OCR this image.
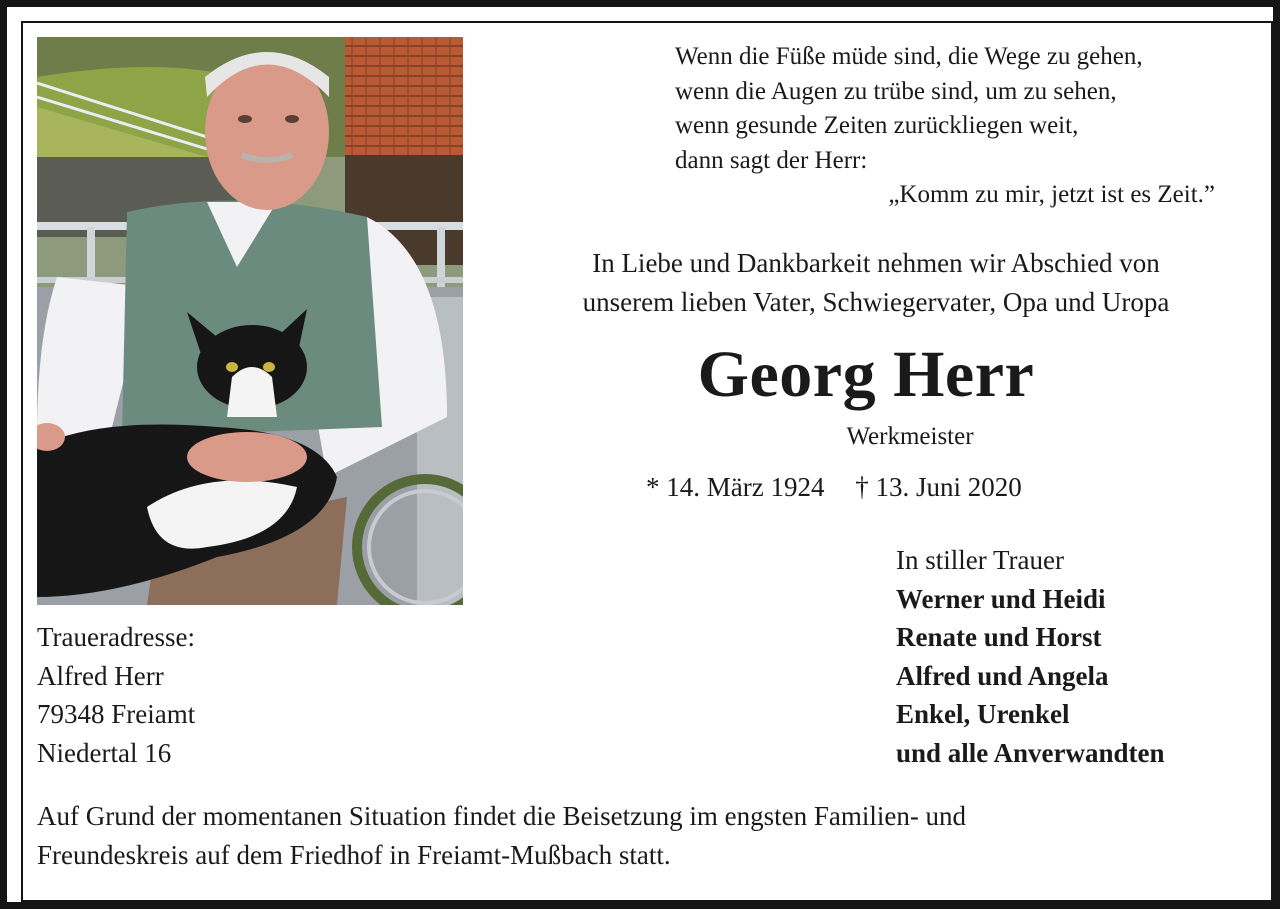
Wenn die Füße müde sind, die Wege zu gehen,
wenn die Augen zu trübe sind, um zu sehen,
wenn gesunde Zeiten zurückliegen weit,
dann sagt der Herr:
„Komm zu mir, jetzt ist es Zeit.”
In Liebe und Dankbarkeit nehmen wir Abschied von
unserem lieben Vater, Schwiegervater, Opa und Uropa
Georg Herr
Werkmeister
* 14. März 1924 † 13. Juni 2020
In stiller Trauer
Werner und Heidi
Renate und Horst
Alfred und Angela
Enkel, Urenkel
und alle Anverwandten
Traueradresse:
Alfred Herr
79348 Freiamt
Niedertal 16
Auf Grund der momentanen Situation findet die Beisetzung im engsten Familien- und
Freundeskreis auf dem Friedhof in Freiamt-Mußbach statt.
